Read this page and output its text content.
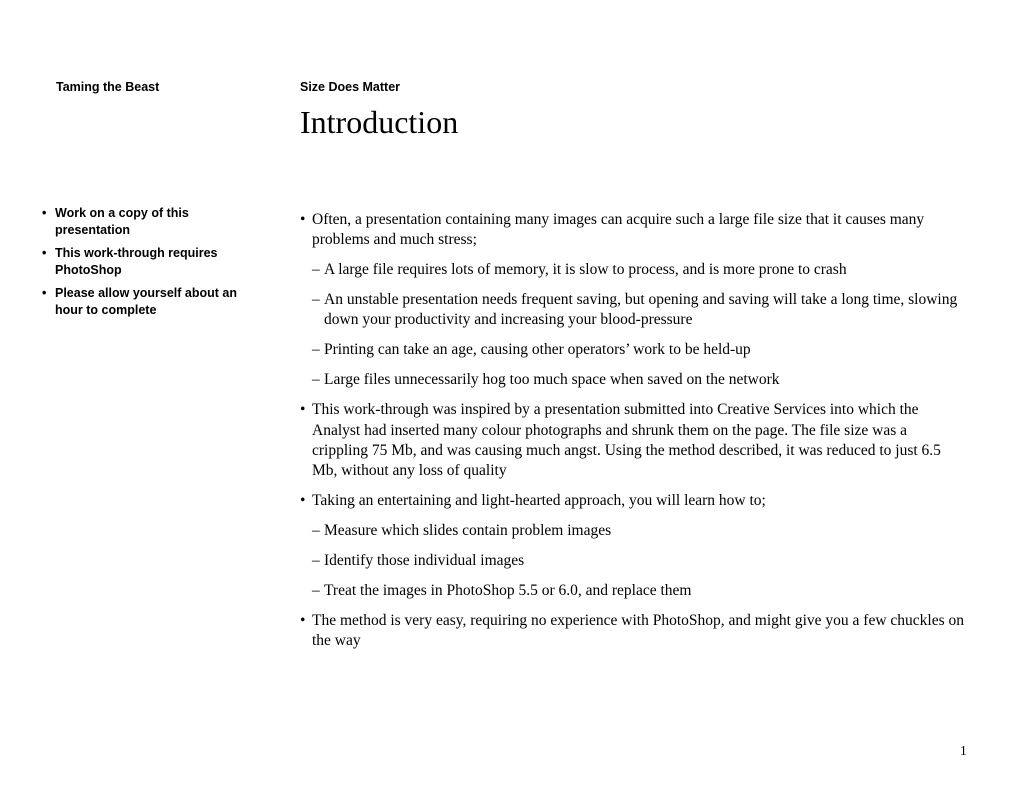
Taming the Beast	Size Does Matter
Introduction
• Work on a copy of this presentation
• This work-through requires PhotoShop
• Please allow yourself about an hour to complete
• Often, a presentation containing many images can acquire such a large file size that it causes many problems and much stress;
– A large file requires lots of memory, it is slow to process, and is more prone to crash
– An unstable presentation needs frequent saving, but opening and saving will take a long time, slowing down your productivity and increasing your blood-pressure
– Printing can take an age, causing other operators’ work to be held-up
– Large files unnecessarily hog too much space when saved on the network
• This work-through was inspired by a presentation submitted into Creative Services into which the Analyst had inserted many colour photographs and shrunk them on the page. The file size was a crippling 75 Mb, and was causing much angst. Using the method described, it was reduced to just 6.5 Mb, without any loss of quality
• Taking an entertaining and light-hearted approach, you will learn how to;
– Measure which slides contain problem images
– Identify those individual images
– Treat the images in PhotoShop 5.5 or 6.0, and replace them
• The method is very easy, requiring no experience with PhotoShop, and might give you a few chuckles on the way
1
